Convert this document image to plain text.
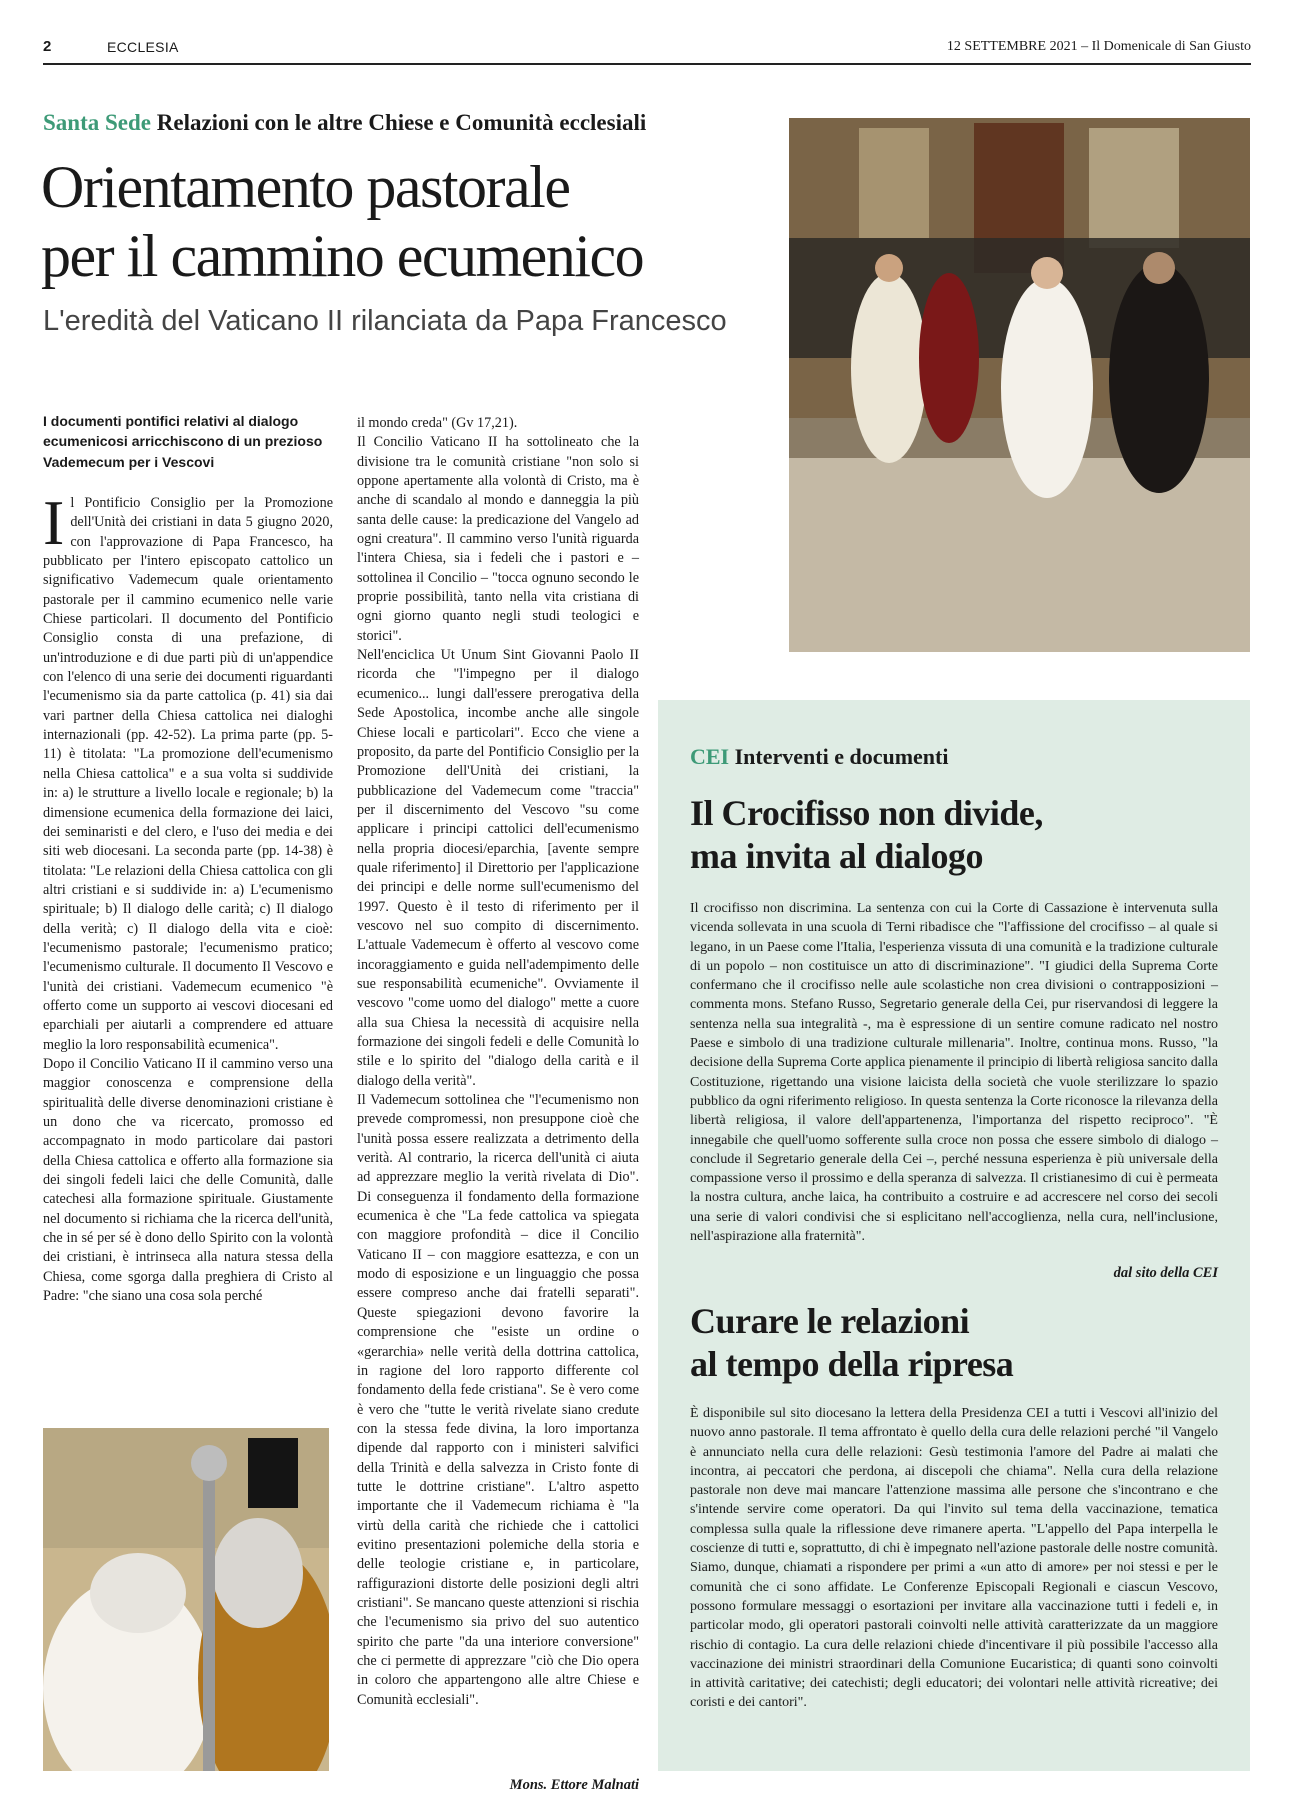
2	ECCLESIA	12 SETTEMBRE 2021 – Il Domenicale di San Giusto
Santa Sede Relazioni con le altre Chiese e Comunità ecclesiali
Orientamento pastorale
per il cammino ecumenico
L'eredità del Vaticano II rilanciata da Papa Francesco

I documenti pontifici relativi al dialogo ecumenicosi arricchiscono di un prezioso Vademecum per i Vescovi

Il Pontificio Consiglio per la Promozione dell'Unità dei cristiani in data 5 giugno 2020, con l'approvazione di Papa Francesco, ha pubblicato per l'intero episcopato cattolico un significativo Vademecum quale orientamento pastorale per il cammino ecumenico nelle varie Chiese particolari. Il documento del Pontificio Consiglio consta di una prefazione, di un'introduzione e di due parti più di un'appendice con l'elenco di una serie dei documenti riguardanti l'ecumenismo sia da parte cattolica (p. 41) sia dai vari partner della Chiesa cattolica nei dialoghi internazionali (pp. 42-52). La prima parte (pp. 5-11) è titolata: "La promozione dell'ecumenismo nella Chiesa cattolica" e a sua volta si suddivide in: a) le strutture a livello locale e regionale; b) la dimensione ecumenica della formazione dei laici, dei seminaristi e del clero, e l'uso dei media e dei siti web diocesani. La seconda parte (pp. 14-38) è titolata: "Le relazioni della Chiesa cattolica con gli altri cristiani e si suddivide in: a) L'ecumenismo spirituale; b) Il dialogo delle carità; c) Il dialogo della verità; c) Il dialogo della vita e cioè: l'ecumenismo pastorale; l'ecumenismo pratico; l'ecumenismo culturale. Il documento Il Vescovo e l'unità dei cristiani. Vademecum ecumenico "è offerto come un supporto ai vescovi diocesani ed eparchiali per aiutarli a comprendere ed attuare meglio la loro responsabilità ecumenica".

Dopo il Concilio Vaticano II il cammino verso una maggior conoscenza e comprensione della spiritualità delle diverse denominazioni cristiane è un dono che va ricercato, promosso ed accompagnato in modo particolare dai pastori della Chiesa cattolica e offerto alla formazione sia dei singoli fedeli laici che delle Comunità, dalle catechesi alla formazione spirituale. Giustamente nel documento si richiama che la ricerca dell'unità, che in sé per sé è dono dello Spirito con la volontà dei cristiani, è intrinseca alla natura stessa della Chiesa, come sgorga dalla preghiera di Cristo al Padre: "che siano una cosa sola perché

il mondo creda" (Gv 17,21).

Il Concilio Vaticano II ha sottolineato che la divisione tra le comunità cristiane "non solo si oppone apertamente alla volontà di Cristo, ma è anche di scandalo al mondo e danneggia la più santa delle cause: la predicazione del Vangelo ad ogni creatura". Il cammino verso l'unità riguarda l'intera Chiesa, sia i fedeli che i pastori e – sottolinea il Concilio – "tocca ognuno secondo le proprie possibilità, tanto nella vita cristiana di ogni giorno quanto negli studi teologici e storici".

Nell'enciclica Ut Unum Sint Giovanni Paolo II ricorda che "l'impegno per il dialogo ecumenico... lungi dall'essere prerogativa della Sede Apostolica, incombe anche alle singole Chiese locali e particolari". Ecco che viene a proposito, da parte del Pontificio Consiglio per la Promozione dell'Unità dei cristiani, la pubblicazione del Vademecum come "traccia" per il discernimento del Vescovo "su come applicare i principi cattolici dell'ecumenismo nella propria diocesi/eparchia, [avente sempre quale riferimento] il Direttorio per l'applicazione dei principi e delle norme sull'ecumenismo del 1997. Questo è il testo di riferimento per il vescovo nel suo compito di discernimento. L'attuale Vademecum è offerto al vescovo come incoraggiamento e guida nell'adempimento delle sue responsabilità ecumeniche". Ovviamente il vescovo "come uomo del dialogo" mette a cuore alla sua Chiesa la necessità di acquisire nella formazione dei singoli fedeli e delle Comunità lo stile e lo spirito del "dialogo della carità e il dialogo della verità".

Il Vademecum sottolinea che "l'ecumenismo non prevede compromessi, non presuppone cioè che l'unità possa essere realizzata a detrimento della verità. Al contrario, la ricerca dell'unità ci aiuta ad apprezzare meglio la verità rivelata di Dio". Di conseguenza il fondamento della formazione ecumenica è che "La fede cattolica va spiegata con maggiore profondità – dice il Concilio Vaticano II – con maggiore esattezza, e con un modo di esposizione e un linguaggio che possa essere compreso anche dai fratelli separati". Queste spiegazioni devono favorire la comprensione che "esiste un ordine o «gerarchia» nelle verità della dottrina cattolica, in ragione del loro rapporto differente col fondamento della fede cristiana". Se è vero come è vero che "tutte le verità rivelate siano credute con la stessa fede divina, la loro importanza dipende dal rapporto con i ministeri salvifici della Trinità e della salvezza in Cristo fonte di tutte le dottrine cristiane". L'altro aspetto importante che il Vademecum richiama è "la virtù della carità che richiede che i cattolici evitino presentazioni polemiche della storia e delle teologie cristiane e, in particolare, raffigurazioni distorte delle posizioni degli altri cristiani". Se mancano queste attenzioni si rischia che l'ecumenismo sia privo del suo autentico spirito che parte "da una interiore conversione" che ci permette di apprezzare "ciò che Dio opera in coloro che appartengono alle altre Chiese e Comunità ecclesiali".

Mons. Ettore Malnati
CEI Interventi e documenti
Il Crocifisso non divide,
ma invita al dialogo

Il crocifisso non discrimina. La sentenza con cui la Corte di Cassazione è intervenuta sulla vicenda sollevata in una scuola di Terni ribadisce che "l'affissione del crocifisso – al quale si legano, in un Paese come l'Italia, l'esperienza vissuta di una comunità e la tradizione culturale di un popolo – non costituisce un atto di discriminazione". "I giudici della Suprema Corte confermano che il crocifisso nelle aule scolastiche non crea divisioni o contrapposizioni – commenta mons. Stefano Russo, Segretario generale della Cei, pur riservandosi di leggere la sentenza nella sua integralità -, ma è espressione di un sentire comune radicato nel nostro Paese e simbolo di una tradizione culturale millenaria". Inoltre, continua mons. Russo, "la decisione della Suprema Corte applica pienamente il principio di libertà religiosa sancito dalla Costituzione, rigettando una visione laicista della società che vuole sterilizzare lo spazio pubblico da ogni riferimento religioso. In questa sentenza la Corte riconosce la rilevanza della libertà religiosa, il valore dell'appartenenza, l'importanza del rispetto reciproco". "È innegabile che quell'uomo sofferente sulla croce non possa che essere simbolo di dialogo – conclude il Segretario generale della Cei –, perché nessuna esperienza è più universale della compassione verso il prossimo e della speranza di salvezza. Il cristianesimo di cui è permeata la nostra cultura, anche laica, ha contribuito a costruire e ad accrescere nel corso dei secoli una serie di valori condivisi che si esplicitano nell'accoglienza, nella cura, nell'inclusione, nell'aspirazione alla fraternità".

dal sito della CEI
Curare le relazioni
al tempo della ripresa

È disponibile sul sito diocesano la lettera della Presidenza CEI a tutti i Vescovi all'inizio del nuovo anno pastorale. Il tema affrontato è quello della cura delle relazioni perché "il Vangelo è annunciato nella cura delle relazioni: Gesù testimonia l'amore del Padre ai malati che incontra, ai peccatori che perdona, ai discepoli che chiama". Nella cura della relazione pastorale non deve mai mancare l'attenzione massima alle persone che s'incontrano e che s'intende servire come operatori. Da qui l'invito sul tema della vaccinazione, tematica complessa sulla quale la riflessione deve rimanere aperta. "L'appello del Papa interpella le coscienze di tutti e, soprattutto, di chi è impegnato nell'azione pastorale delle nostre comunità. Siamo, dunque, chiamati a rispondere per primi a «un atto di amore» per noi stessi e per le comunità che ci sono affidate. Le Conferenze Episcopali Regionali e ciascun Vescovo, possono formulare messaggi o esortazioni per invitare alla vaccinazione tutti i fedeli e, in particolar modo, gli operatori pastorali coinvolti nelle attività caratterizzate da un maggiore rischio di contagio. La cura delle relazioni chiede d'incentivare il più possibile l'accesso alla vaccinazione dei ministri straordinari della Comunione Eucaristica; di quanti sono coinvolti in attività caritative; dei catechisti; degli educatori; dei volontari nelle attività ricreative; dei coristi e dei cantori".
